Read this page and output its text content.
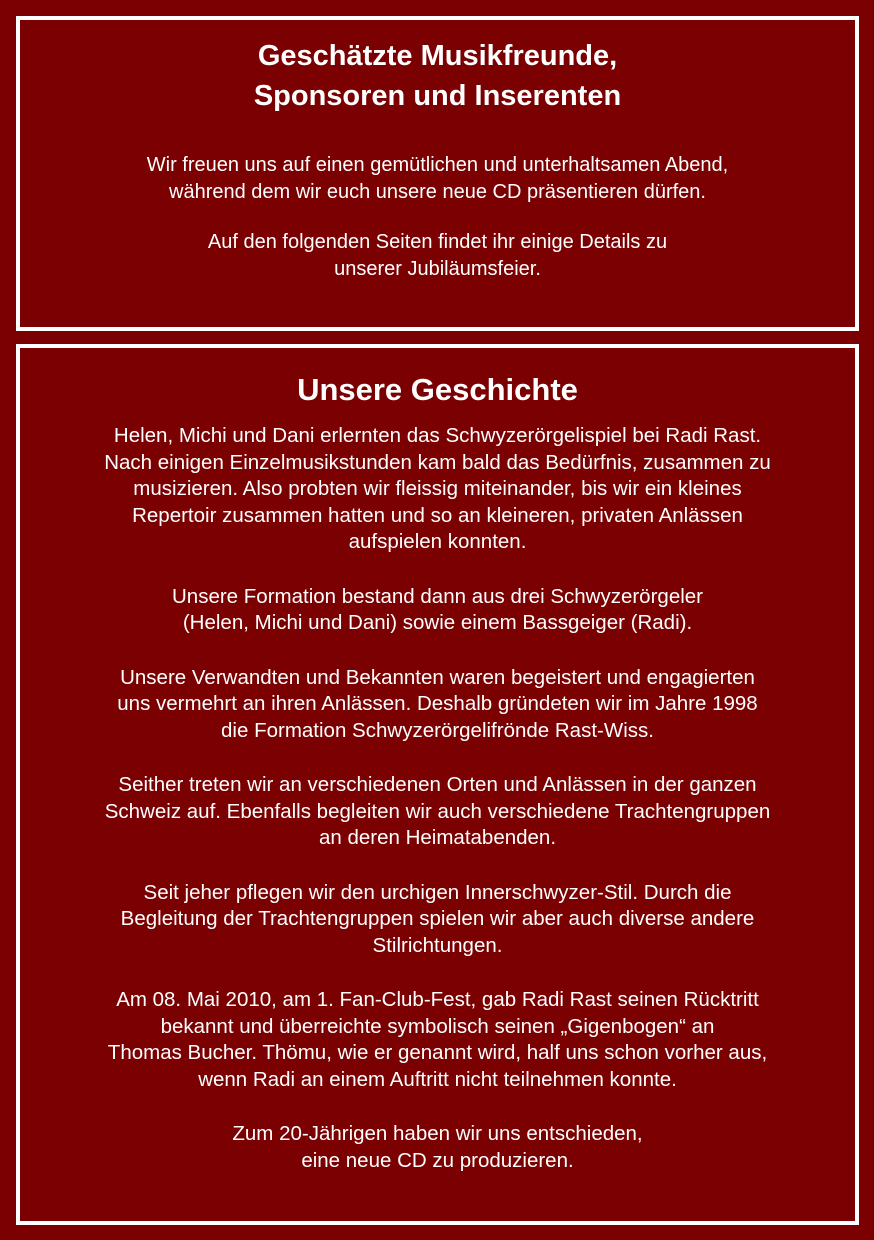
Geschätzte Musikfreunde,
Sponsoren und Inserenten

Wir freuen uns auf einen gemütlichen und unterhaltsamen Abend,
während dem wir euch unsere neue CD präsentieren dürfen.

Auf den folgenden Seiten findet ihr einige Details zu
unserer Jubiläumsfeier.

Unsere Geschichte

Helen, Michi und Dani erlernten das Schwyzerörgelispiel bei Radi Rast.
Nach einigen Einzelmusikstunden kam bald das Bedürfnis, zusammen zu
musizieren. Also probten wir fleissig miteinander, bis wir ein kleines
Repertoir zusammen hatten und so an kleineren, privaten Anlässen
aufspielen konnten.

Unsere Formation bestand dann aus drei Schwyzerörgeler
(Helen, Michi und Dani) sowie einem Bassgeiger (Radi).

Unsere Verwandten und Bekannten waren begeistert und engagierten
uns vermehrt an ihren Anlässen. Deshalb gründeten wir im Jahre 1998
die Formation Schwyzerörgelifrönde Rast-Wiss.

Seither treten wir an verschiedenen Orten und Anlässen in der ganzen
Schweiz auf. Ebenfalls begleiten wir auch verschiedene Trachtengruppen
an deren Heimatabenden.

Seit jeher pflegen wir den urchigen Innerschwyzer-Stil. Durch die
Begleitung der Trachtengruppen spielen wir aber auch diverse andere
Stilrichtungen.

Am 08. Mai 2010, am 1. Fan-Club-Fest, gab Radi Rast seinen Rücktritt
bekannt und überreichte symbolisch seinen „Gigenbogen“ an
Thomas Bucher. Thömu, wie er genannt wird, half uns schon vorher aus,
wenn Radi an einem Auftritt nicht teilnehmen konnte.

Zum 20-Jährigen haben wir uns entschieden,
eine neue CD zu produzieren.
